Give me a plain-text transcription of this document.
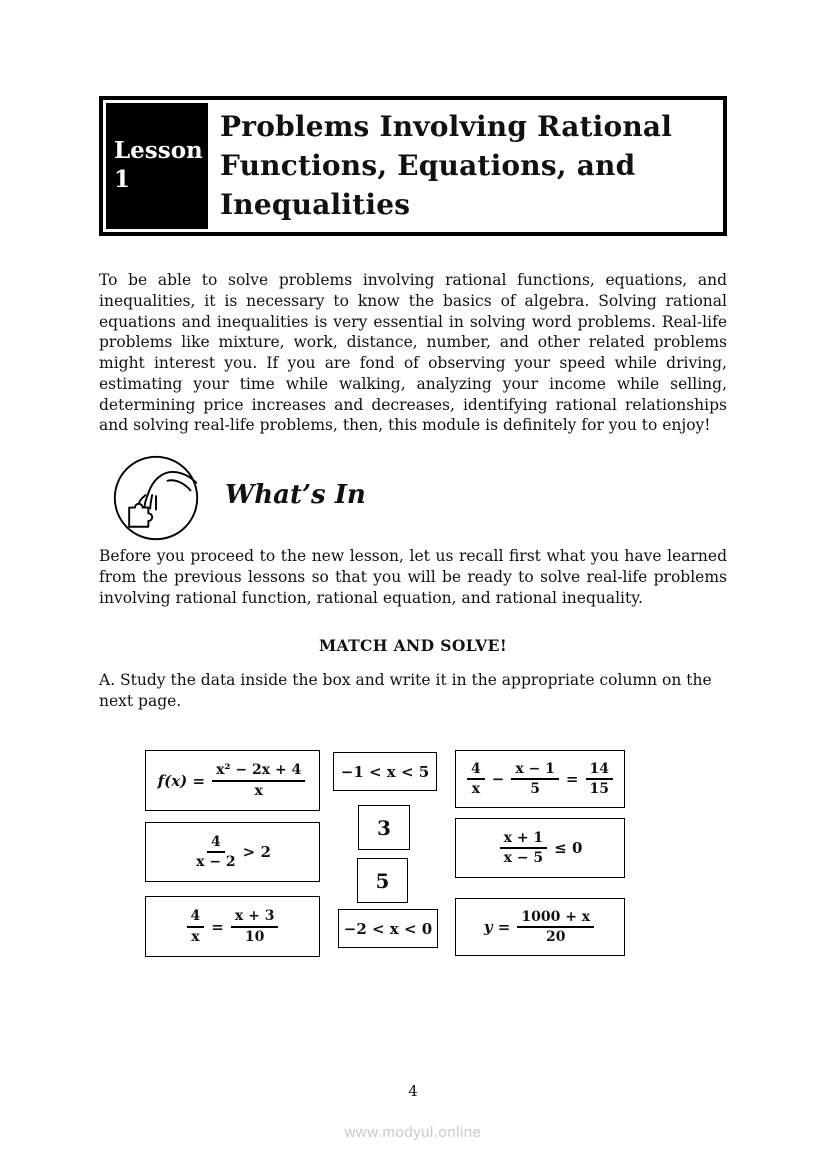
Lesson
1
Problems Involving Rational Functions, Equations, and Inequalities

To be able to solve problems involving rational functions, equations, and inequalities, it is necessary to know the basics of algebra. Solving rational equations and inequalities is very essential in solving word problems. Real-life problems like mixture, work, distance, number, and other related problems might interest you. If you are fond of observing your speed while driving, estimating your time while walking, analyzing your income while selling, determining price increases and decreases, identifying rational relationships and solving real-life problems, then, this module is definitely for you to enjoy!

What’s In

Before you proceed to the new lesson, let us recall first what you have learned from the previous lessons so that you will be ready to solve real-life problems involving rational function, rational equation, and rational inequality.

MATCH AND SOLVE!

A. Study the data inside the box and write it in the appropriate column on the next page.

$f(x) = \frac{\text{x² − 2x + 4}}{x}$
$\frac{4}{x - 2} > 2$
$\frac{4}{x} = \frac{x + 3}{10}$
−1 < x < 5
3
5
−2 < x < 0
$\frac{4}{x} - \frac{x - 1}{5} = \frac{14}{15}$
$\frac{x + 1}{x - 5} \le 0$
$y = \frac{1000 + x}{20}$
4
www.modyul.online
